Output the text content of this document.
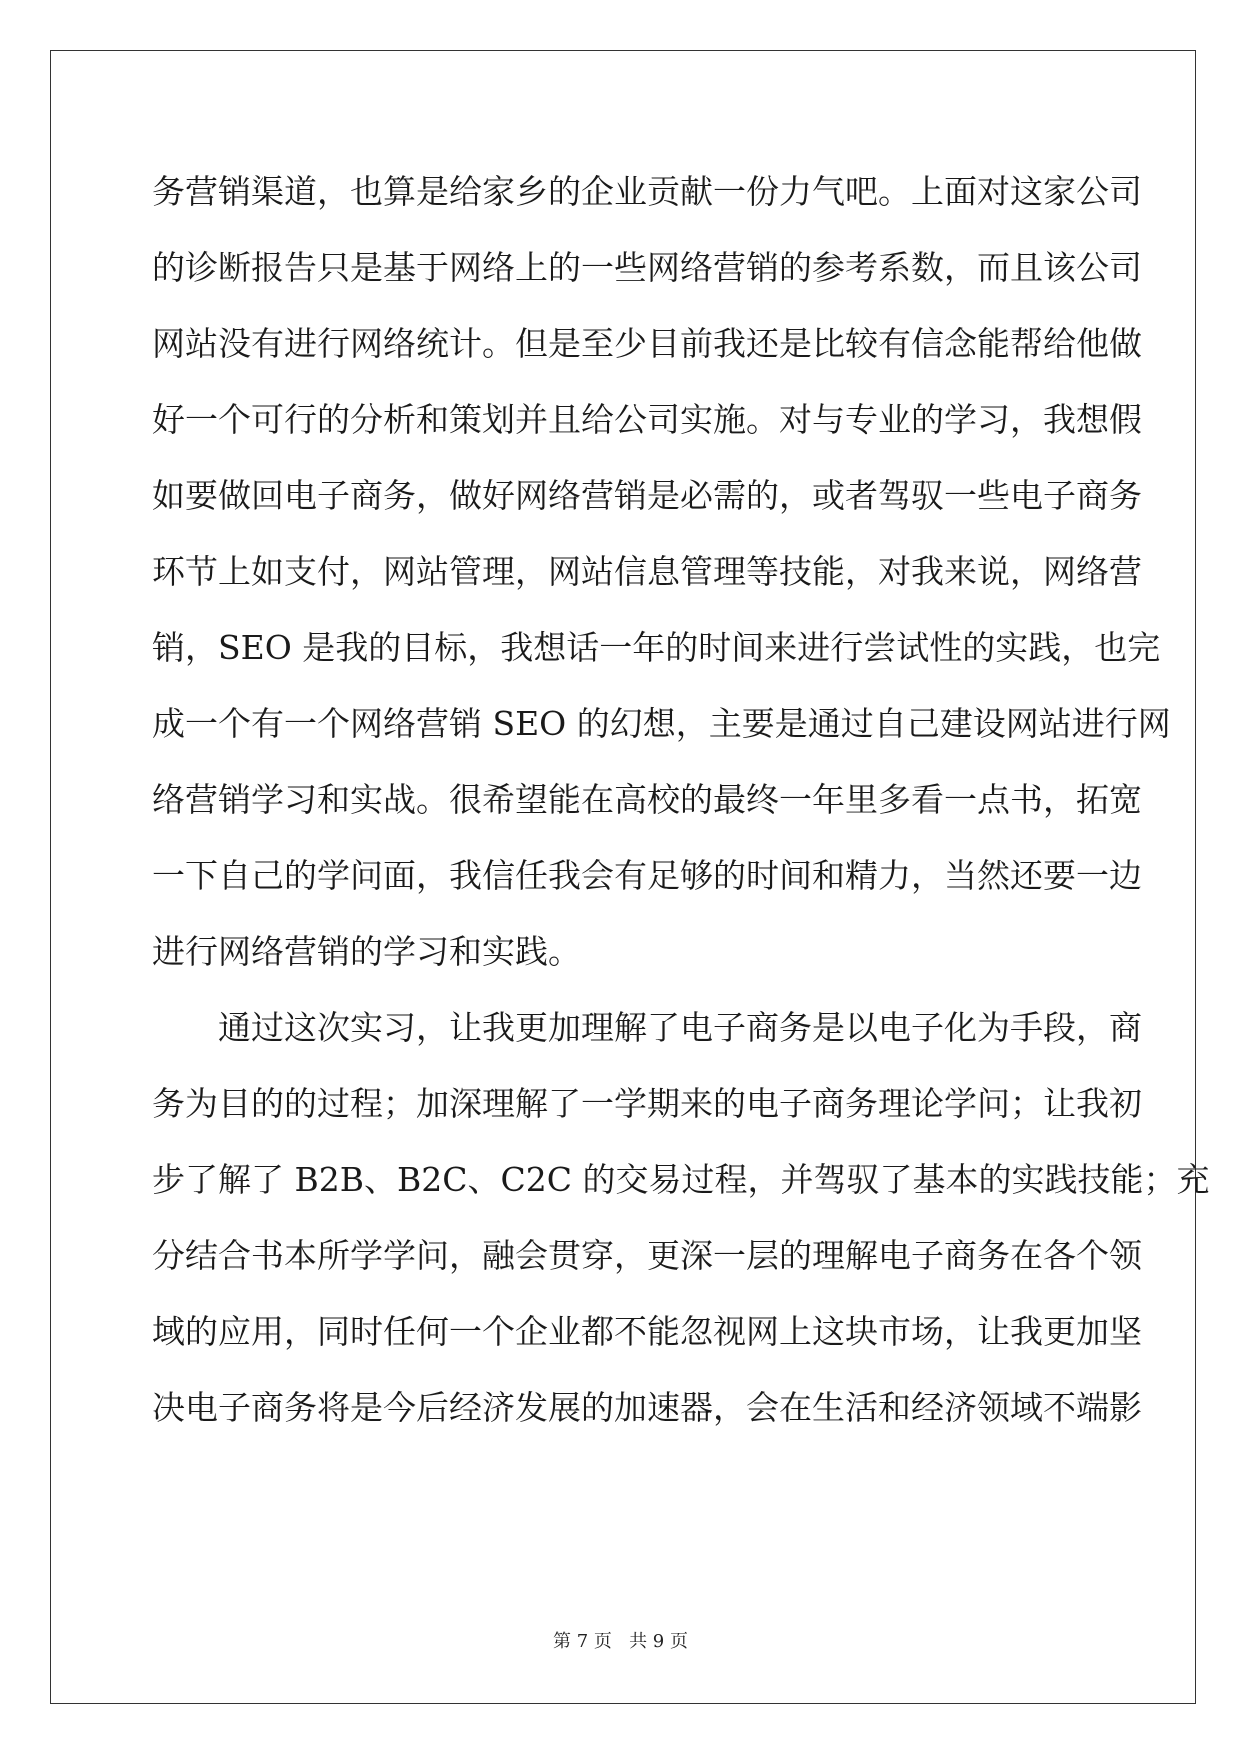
务营销渠道，也算是给家乡的企业贡献一份力气吧。上面对这家公司
的诊断报告只是基于网络上的一些网络营销的参考系数，而且该公司
网站没有进行网络统计。但是至少目前我还是比较有信念能帮给他做
好一个可行的分析和策划并且给公司实施。对与专业的学习，我想假
如要做回电子商务，做好网络营销是必需的，或者驾驭一些电子商务
环节上如支付，网站管理，网站信息管理等技能，对我来说，网络营
销，SEO 是我的目标，我想话一年的时间来进行尝试性的实践，也完
成一个有一个网络营销 SEO 的幻想，主要是通过自己建设网站进行网
络营销学习和实战。很希望能在高校的最终一年里多看一点书，拓宽
一下自己的学问面，我信任我会有足够的时间和精力，当然还要一边
进行网络营销的学习和实践。
　　通过这次实习，让我更加理解了电子商务是以电子化为手段，商
务为目的的过程；加深理解了一学期来的电子商务理论学问；让我初
步了解了 B2B、B2C、C2C 的交易过程，并驾驭了基本的实践技能；充
分结合书本所学学问，融会贯穿，更深一层的理解电子商务在各个领
域的应用，同时任何一个企业都不能忽视网上这块市场，让我更加坚
决电子商务将是今后经济发展的加速器，会在生活和经济领域不端影
第 7 页 共 9 页
